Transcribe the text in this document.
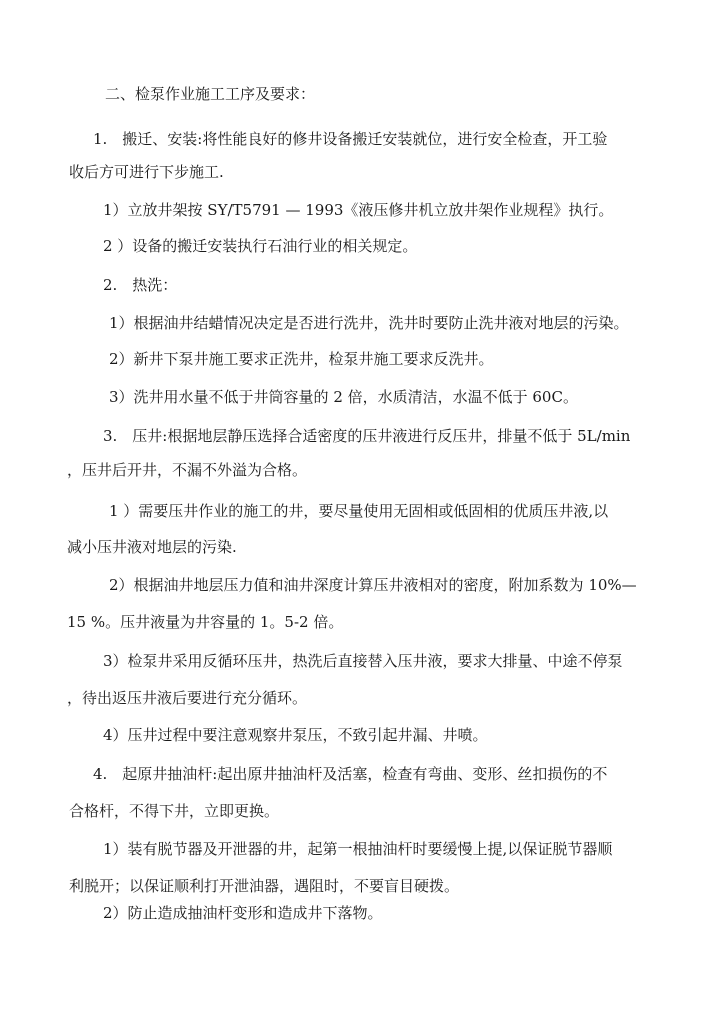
二、检泵作业施工工序及要求：
1.　搬迁、安装:将性能良好的修井设备搬迁安装就位，进行安全检查，开工验
收后方可进行下步施工.
1）立放井架按 SY/T5791 — 1993《液压修井机立放井架作业规程》执行。
2 ）设备的搬迁安装执行石油行业的相关规定。
2.　热洗：
1）根据油井结蜡情况决定是否进行洗井，洗井时要防止洗井液对地层的污染。
2）新井下泵井施工要求正洗井，检泵井施工要求反洗井。
3）洗井用水量不低于井筒容量的 2 倍，水质清洁，水温不低于 60C。
3.　压井:根据地层静压选择合适密度的压井液进行反压井，排量不低于 5L/min
，压井后开井，不漏不外溢为合格。
1 ）需要压井作业的施工的井，要尽量使用无固相或低固相的优质压井液,以
减小压井液对地层的污染.
2）根据油井地层压力值和油井深度计算压井液相对的密度，附加系数为 10%—
15 %。压井液量为井容量的 1。5-2 倍。
3）检泵井采用反循环压井，热洗后直接替入压井液，要求大排量、中途不停泵
，待出返压井液后要进行充分循环。
4）压井过程中要注意观察井泵压，不致引起井漏、井喷。
4.　起原井抽油杆:起出原井抽油杆及活塞，检查有弯曲、变形、丝扣损伤的不
合格杆，不得下井，立即更换。
1）装有脱节器及开泄器的井，起第一根抽油杆时要缓慢上提,以保证脱节器顺
利脱开；以保证顺利打开泄油器，遇阻时，不要盲目硬拨。
2）防止造成抽油杆变形和造成井下落物。
